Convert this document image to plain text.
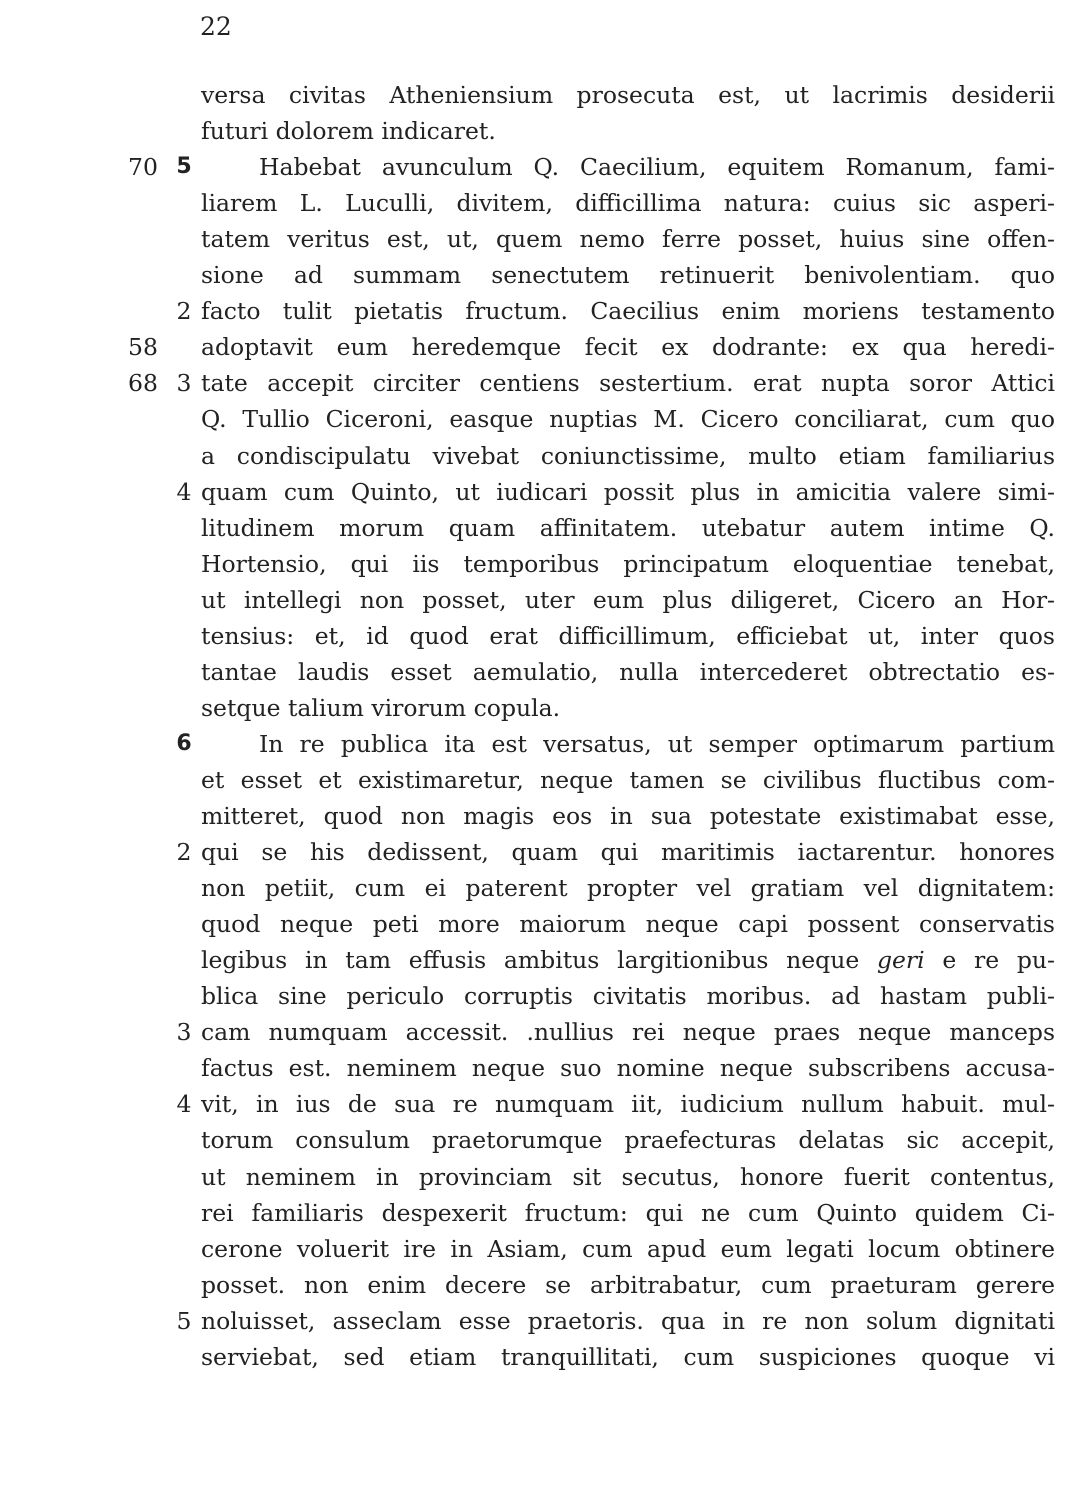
22
versa civitas Atheniensium prosecuta est, ut lacrimis desiderii
futuri dolorem indicaret.
70 5	Habebat avunculum Q. Caecilium, equitem Romanum, fami-
liarem L. Luculli, divitem, difficillima natura: cuius sic asperi-
tatem veritus est, ut, quem nemo ferre posset, huius sine offen-
sione ad summam senectutem retinuerit benivolentiam. quo
2 facto tulit pietatis fructum. Caecilius enim moriens testamento
58 adoptavit eum heredemque fecit ex dodrante: ex qua heredi-
68 3 tate accepit circiter centiens sestertium. erat nupta soror Attici
Q. Tullio Ciceroni, easque nuptias M. Cicero conciliarat, cum quo
a condiscipulatu vivebat coniunctissime, multo etiam familiarius
4 quam cum Quinto, ut iudicari possit plus in amicitia valere simi-
litudinem morum quam affinitatem. utebatur autem intime Q.
Hortensio, qui iis temporibus principatum eloquentiae tenebat,
ut intellegi non posset, uter eum plus diligeret, Cicero an Hor-
tensius: et, id quod erat difficillimum, efficiebat ut, inter quos
tantae laudis esset aemulatio, nulla intercederet obtrectatio es-
setque talium virorum copula.
6	In re publica ita est versatus, ut semper optimarum partium
et esset et existimaretur, neque tamen se civilibus fluctibus com-
mitteret, quod non magis eos in sua potestate existimabat esse,
2 qui se his dedissent, quam qui maritimis iactarentur. honores
non petiit, cum ei paterent propter vel gratiam vel dignitatem:
quod neque peti more maiorum neque capi possent conservatis
legibus in tam effusis ambitus largitionibus neque geri e re pu-
blica sine periculo corruptis civitatis moribus. ad hastam publi-
3 cam numquam accessit. .nullius rei neque praes neque manceps
factus est. neminem neque suo nomine neque subscribens accusa-
4 vit, in ius de sua re numquam iit, iudicium nullum habuit. mul-
torum consulum praetorumque praefecturas delatas sic accepit,
ut neminem in provinciam sit secutus, honore fuerit contentus,
rei familiaris despexerit fructum: qui ne cum Quinto quidem Ci-
cerone voluerit ire in Asiam, cum apud eum legati locum obtinere
posset. non enim decere se arbitrabatur, cum praeturam gerere
5 noluisset, asseclam esse praetoris. qua in re non solum dignitati
serviebat, sed etiam tranquillitati, cum suspiciones quoque vi
